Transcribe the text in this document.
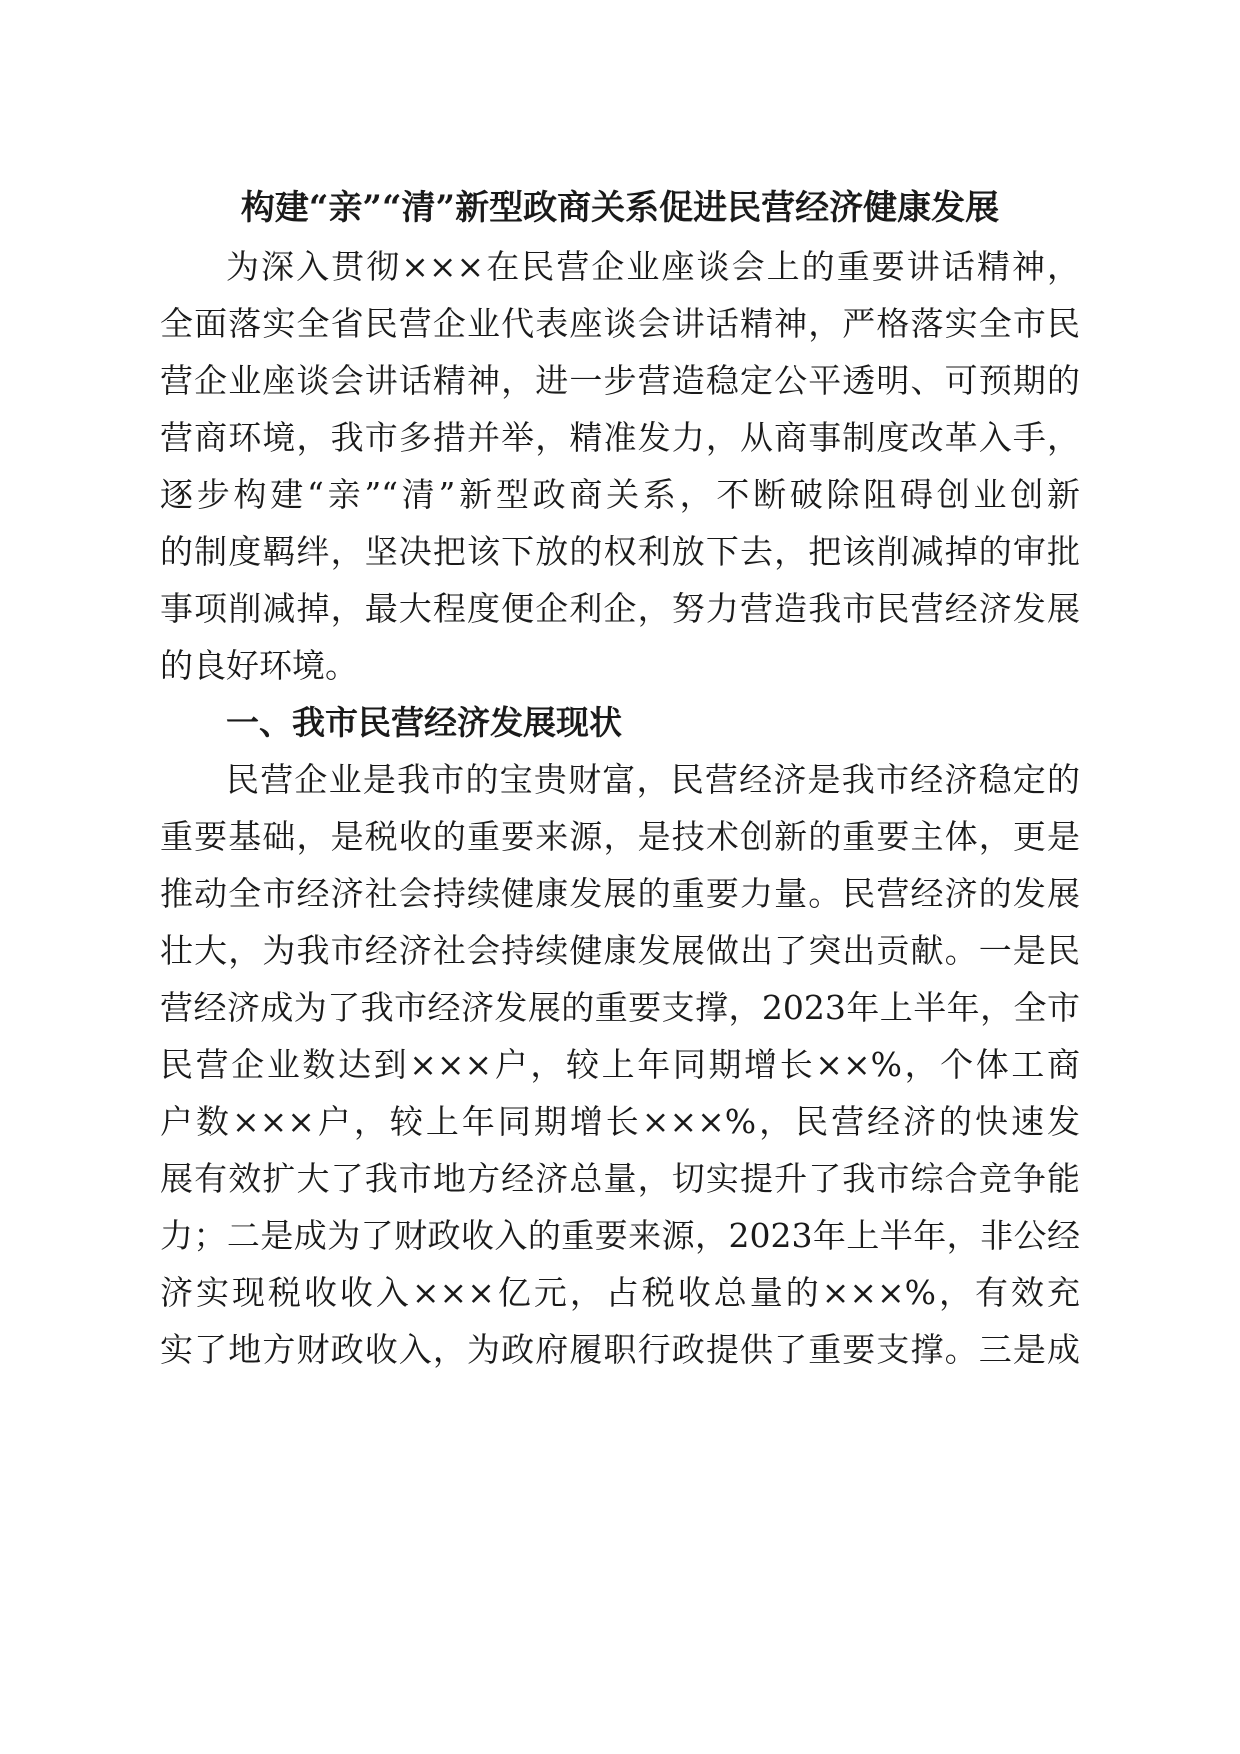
构建“亲”“清”新型政商关系促进民营经济健康发展
为深入贯彻×××在民营企业座谈会上的重要讲话精神，
全面落实全省民营企业代表座谈会讲话精神，严格落实全市民
营企业座谈会讲话精神，进一步营造稳定公平透明、可预期的
营商环境，我市多措并举，精准发力，从商事制度改革入手，
逐步构建“亲”“清”新型政商关系，不断破除阻碍创业创新
的制度羁绊，坚决把该下放的权利放下去，把该削减掉的审批
事项削减掉，最大程度便企利企，努力营造我市民营经济发展
的良好环境。
一、我市民营经济发展现状
民营企业是我市的宝贵财富，民营经济是我市经济稳定的
重要基础，是税收的重要来源，是技术创新的重要主体，更是
推动全市经济社会持续健康发展的重要力量。民营经济的发展
壮大，为我市经济社会持续健康发展做出了突出贡献。一是民
营经济成为了我市经济发展的重要支撑，2023年上半年，全市
民营企业数达到×××户，较上年同期增长××%，个体工商
户数×××户，较上年同期增长×××%，民营经济的快速发
展有效扩大了我市地方经济总量，切实提升了我市综合竞争能
力；二是成为了财政收入的重要来源，2023年上半年，非公经
济实现税收收入×××亿元，占税收总量的×××%，有效充
实了地方财政收入，为政府履职行政提供了重要支撑。三是成
